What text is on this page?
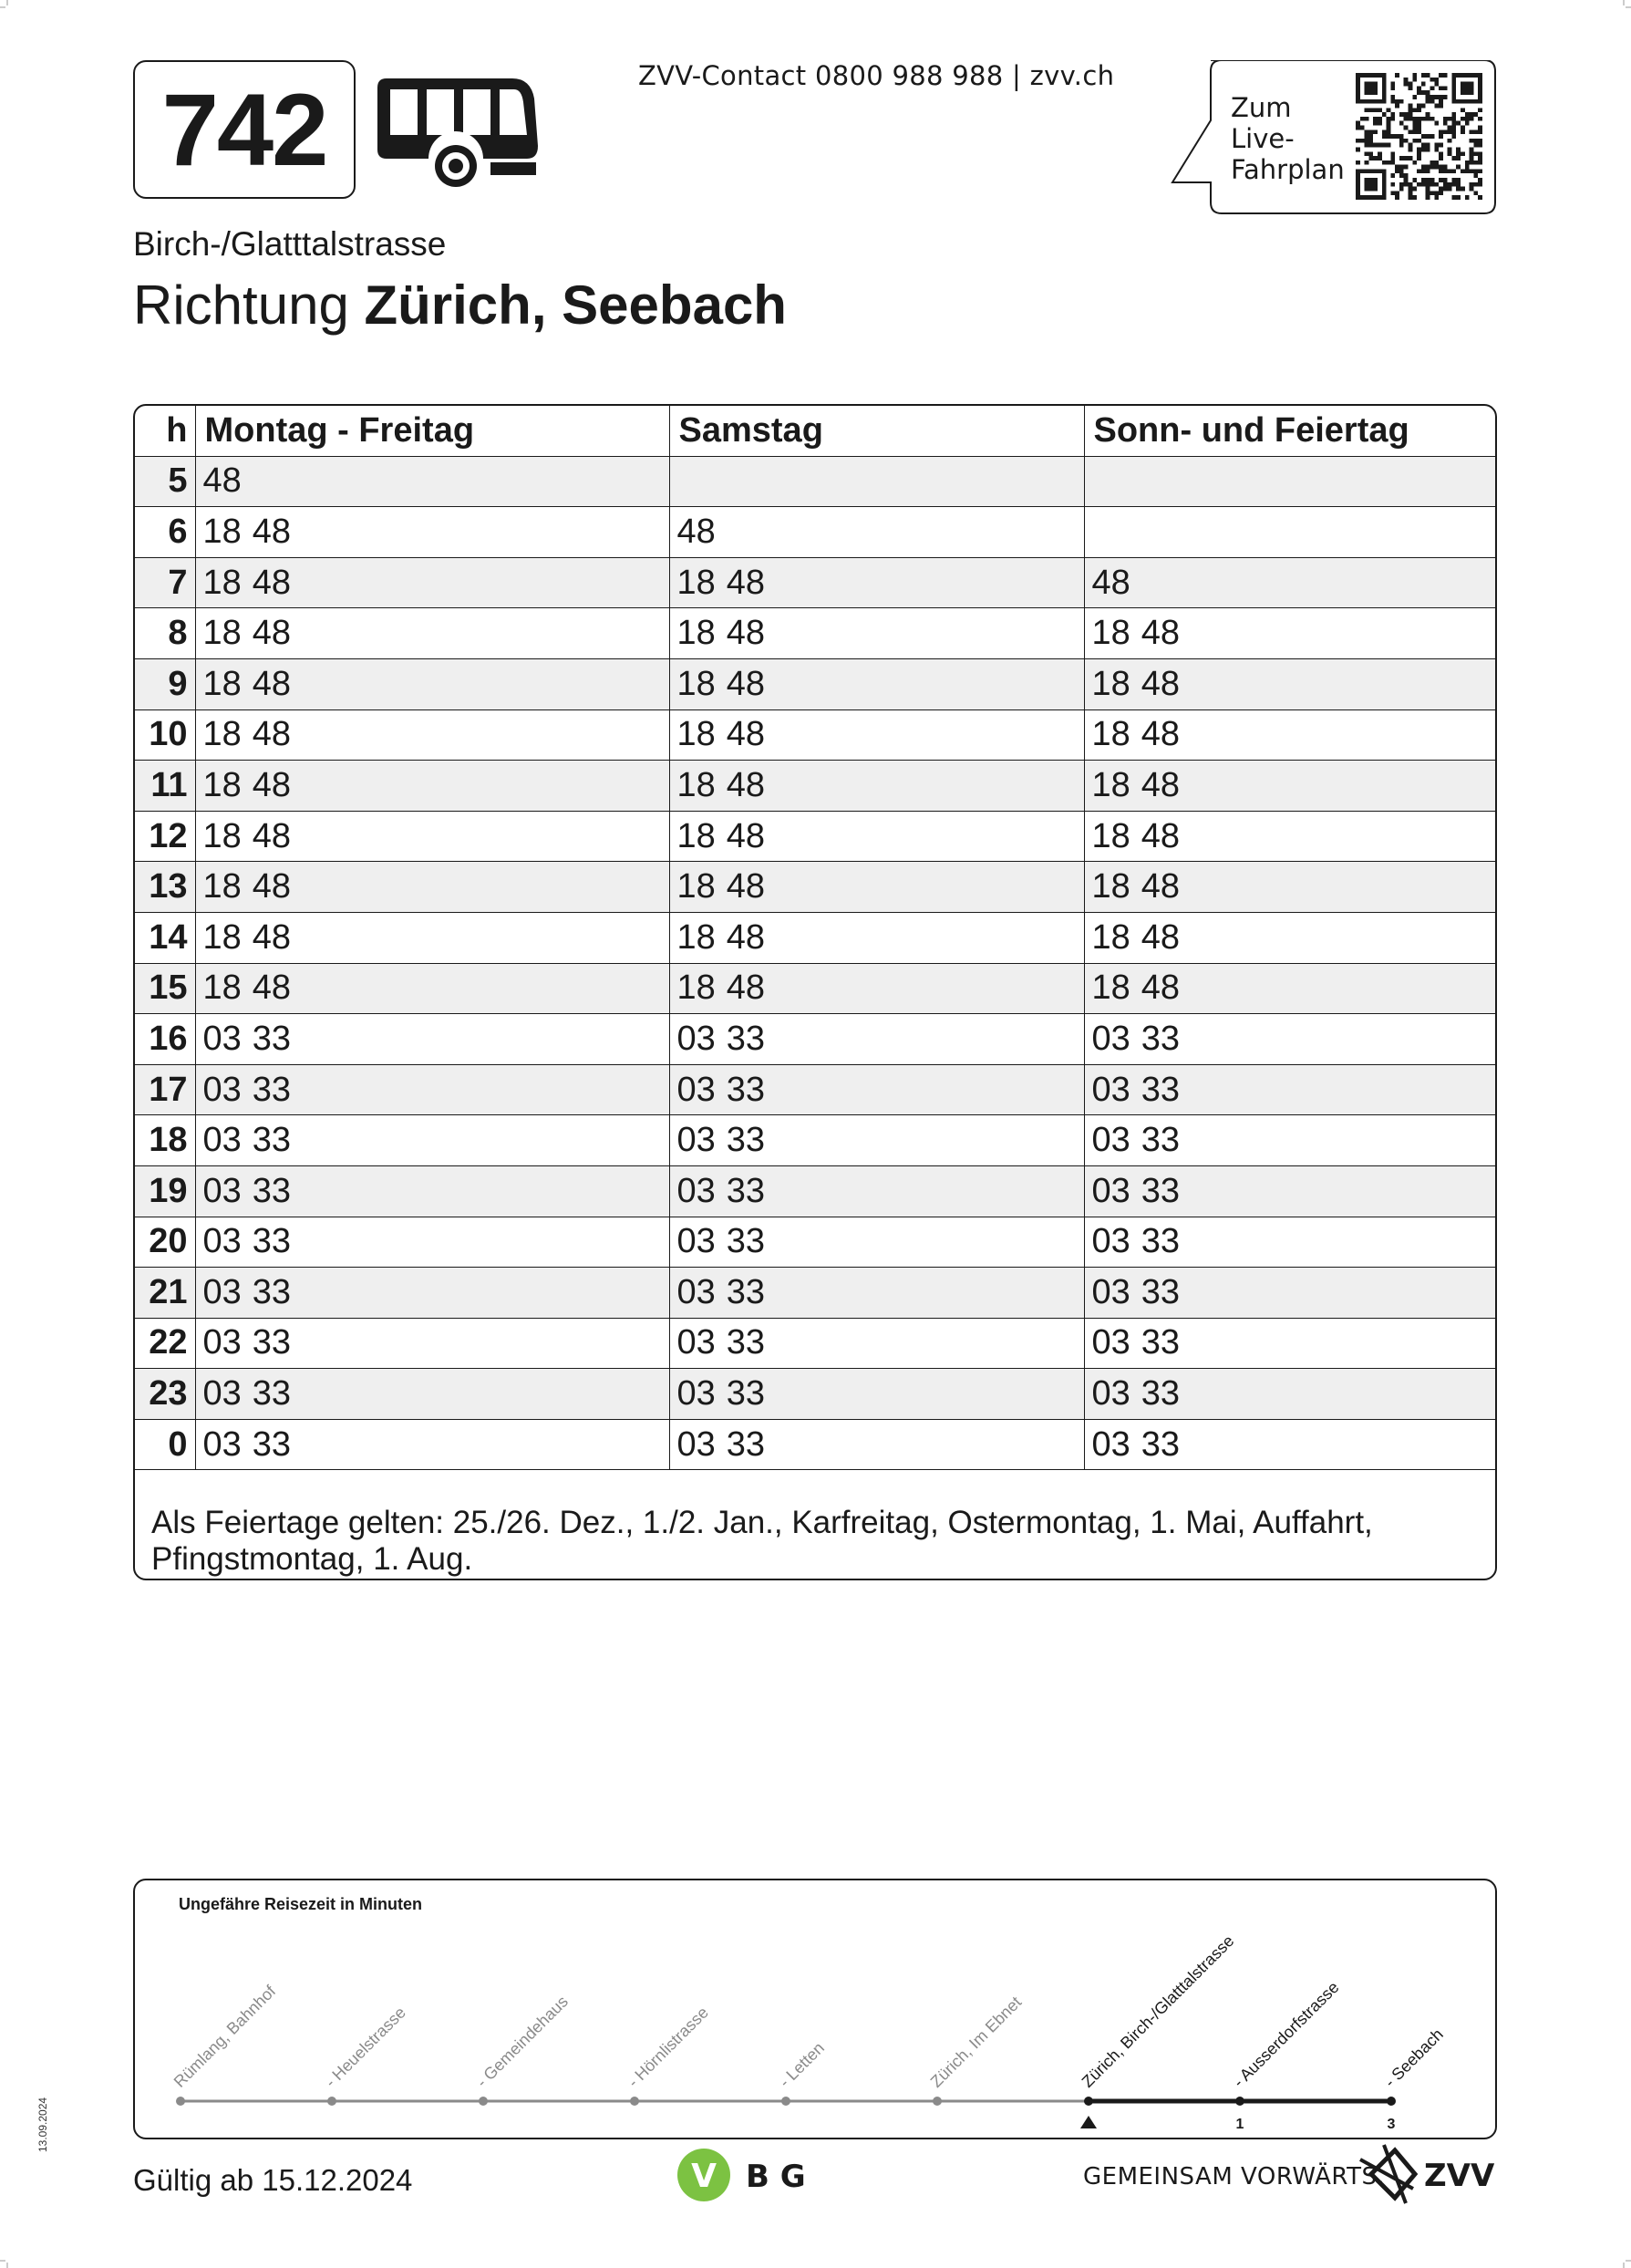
742	ZVV-Contact 0800 988 988 | zvv.ch
Zum
Live-
Fahrplan
Birch-/Glatttalstrasse
Richtung Zürich, Seebach
h	Montag - Freitag	Samstag	Sonn- und Feiertag
5	48		
6	18 48	48	
7	18 48	18 48	48
8	18 48	18 48	18 48
9	18 48	18 48	18 48
10	18 48	18 48	18 48
11	18 48	18 48	18 48
12	18 48	18 48	18 48
13	18 48	18 48	18 48
14	18 48	18 48	18 48
15	18 48	18 48	18 48
16	03 33	03 33	03 33
17	03 33	03 33	03 33
18	03 33	03 33	03 33
19	03 33	03 33	03 33
20	03 33	03 33	03 33
21	03 33	03 33	03 33
22	03 33	03 33	03 33
23	03 33	03 33	03 33
0	03 33	03 33	03 33
Als Feiertage gelten: 25./26. Dez., 1./2. Jan., Karfreitag, Ostermontag, 1. Mai, Auffahrt, Pfingstmontag, 1. Aug.
Ungefähre Reisezeit in Minuten
Rümlang, Bahnhof	- Heuelstrasse	- Gemeindehaus	- Hörnlistrasse	- Letten	Zürich, Im Ebnet	Zürich, Birch-/Glatttalstrasse
- Ausserdorfstrasse
1
- Seebach
3
Gültig ab 15.12.2024	V B G	GEMEINSAM VORWÄRTS. ZVV
13.09.2024
